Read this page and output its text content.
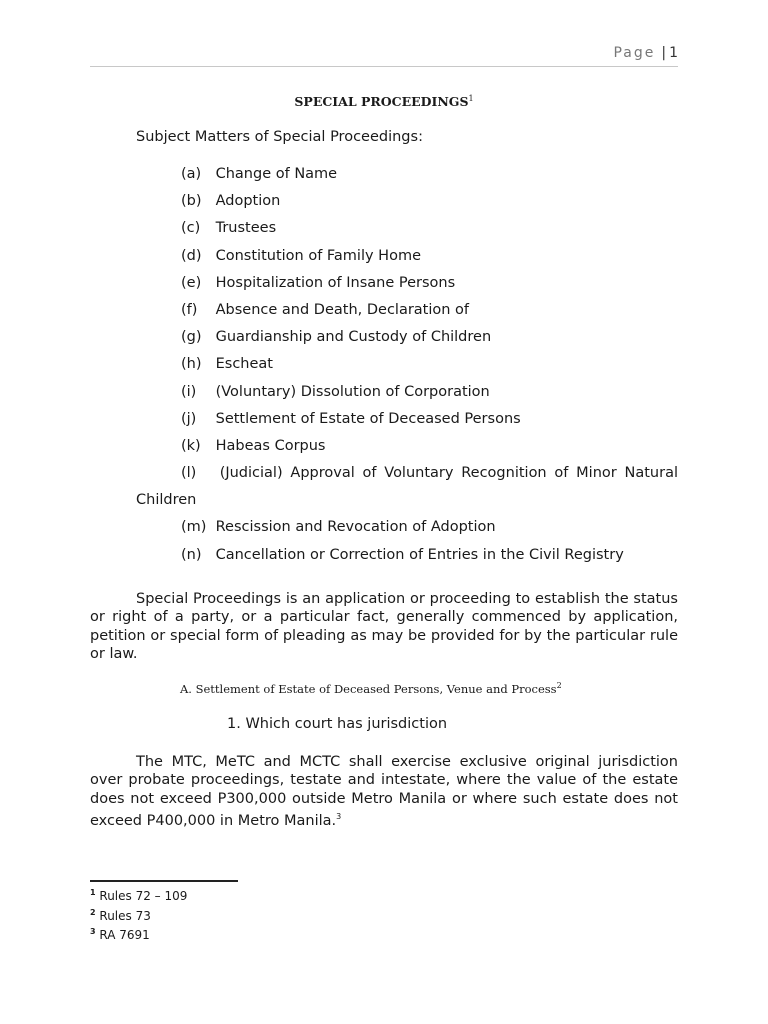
Page | 1
SPECIAL PROCEEDINGS$^1$
Subject Matters of Special Proceedings:
(a) Change of Name
(b) Adoption
(c) Trustees
(d) Constitution of Family Home
(e) Hospitalization of Insane Persons
(f) Absence and Death, Declaration of
(g) Guardianship and Custody of Children
(h) Escheat
(i) (Voluntary) Dissolution of Corporation
(j) Settlement of Estate of Deceased Persons
(k) Habeas Corpus
(l) (Judicial) Approval of Voluntary Recognition of Minor Natural
Children
(m) Rescission and Revocation of Adoption
(n) Cancellation or Correction of Entries in the Civil Registry

Special Proceedings is an application or proceeding to establish the status or right of a party, or a particular fact, generally commenced by application, petition or special form of pleading as may be provided for by the particular rule or law.

A. Settlement of Estate of Deceased Persons, Venue and Process$^2$
1. Which court has jurisdiction

The MTC, MeTC and MCTC shall exercise exclusive original jurisdiction over probate proceedings, testate and intestate, where the value of the estate does not exceed P300,000 outside Metro Manila or where such estate does not exceed P400,000 in Metro Manila.$^3$

$^1$ Rules 72 – 109
$^2$ Rules 73
$^3$ RA 7691
